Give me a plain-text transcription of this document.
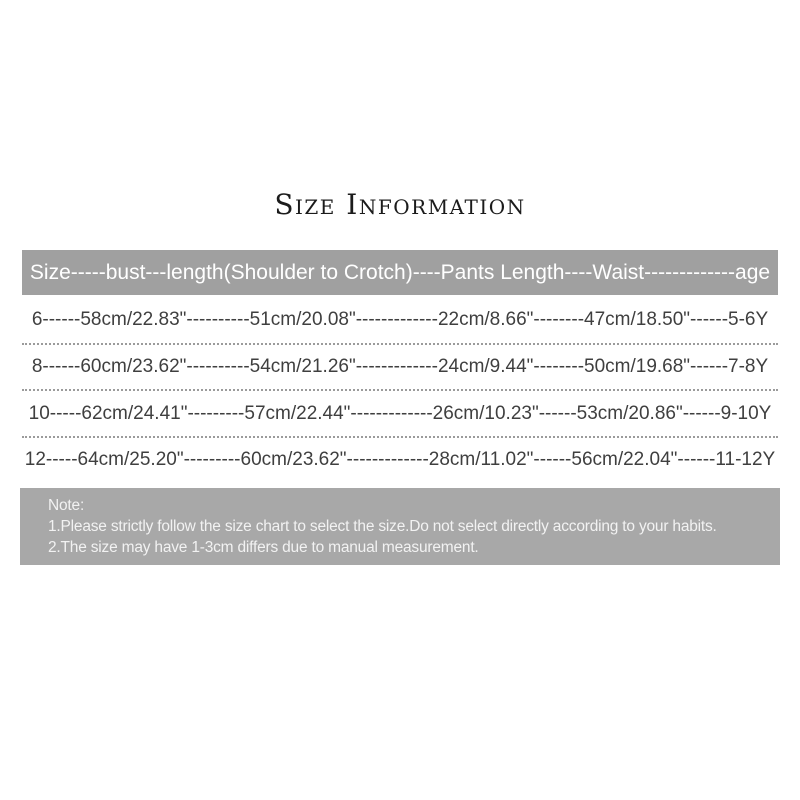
Size Information
Size-----bust---length(Shoulder to Crotch)----Pants Length----Waist-------------age
6------58cm/22.83"----------51cm/20.08"-------------22cm/8.66"--------47cm/18.50"------5-6Y
8------60cm/23.62"----------54cm/21.26"-------------24cm/9.44"--------50cm/19.68"------7-8Y
10-----62cm/24.41"---------57cm/22.44"-------------26cm/10.23"------53cm/20.86"------9-10Y
12-----64cm/25.20"---------60cm/23.62"-------------28cm/11.02"------56cm/22.04"------11-12Y
Note:
1.Please strictly follow the size chart to select the size.Do not select directly according to your habits.
2.The size may have 1-3cm differs due to manual measurement.
